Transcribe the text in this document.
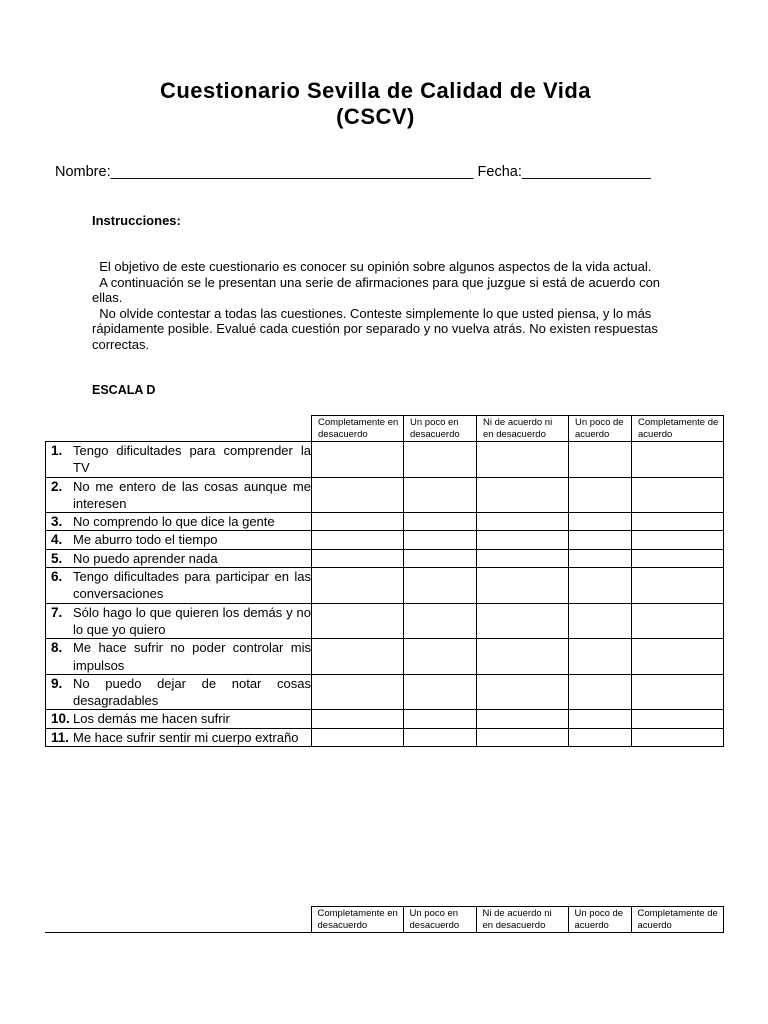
Cuestionario Sevilla de Calidad de Vida
(CSCV)
Nombre:_____________________________________________ Fecha:________________
Instrucciones:

El objetivo de este cuestionario es conocer su opinión sobre algunos aspectos de la vida actual.

A continuación se le presentan una serie de afirmaciones para que juzgue si está de acuerdo con ellas.

No olvide contestar a todas las cuestiones. Conteste simplemente lo que usted piensa, y lo más rápidamente posible. Evalué cada cuestión por separado y no vuelva atrás. No existen respuestas correctas.

ESCALA D
	Completamente en desacuerdo	Un poco en desacuerdo	Ni de acuerdo ni en desacuerdo	Un poco de acuerdo	Completamente de acuerdo

1. Tengo dificultades para comprender la TV					

2. No me entero de las cosas aunque me interesen					

3. No comprendo lo que dice la gente					

4. Me aburro todo el tiempo					

5. No puedo aprender nada					

6. Tengo dificultades para participar en las conversaciones					

7. Sólo hago lo que quieren los demás y no lo que yo quiero					

8. Me hace sufrir no poder controlar mis impulsos					

9. No puedo dejar de notar cosas desagradables					

10. Los demás me hacen sufrir					

11. Me hace sufrir sentir mi cuerpo extraño					

	Completamente en desacuerdo	Un poco en desacuerdo	Ni de acuerdo ni en desacuerdo	Un poco de acuerdo	Completamente de acuerdo
